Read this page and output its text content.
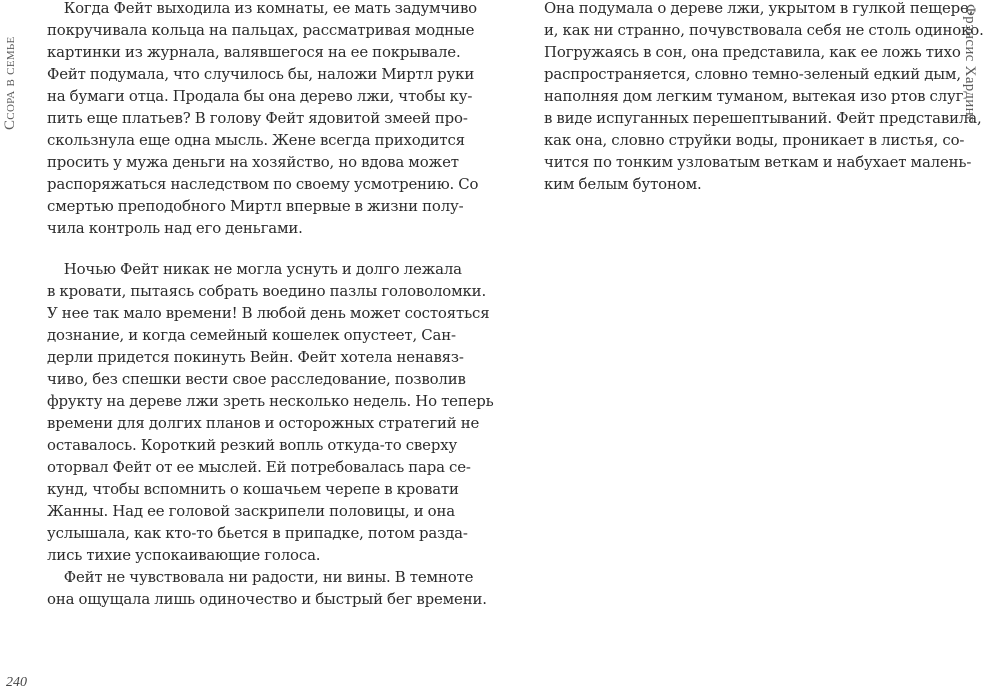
Ссора в семье
Когда Фейт выходила из комнаты, ее мать задумчиво
покручивала кольца на пальцах, рассматривая модные
картинки из журнала, валявшегося на ее покрывале.
Фейт подумала, что случилось бы, наложи Миртл руки
на бумаги отца. Продала бы она дерево лжи, чтобы ку-
пить еще платьев? В голову Фейт ядовитой змеей про-
скользнула еще одна мысль. Жене всегда приходится
просить у мужа деньги на хозяйство, но вдова может
распоряжаться наследством по своему усмотрению. Со
смертью преподобного Миртл впервые в жизни полу-
чила контроль над его деньгами.
Ночью Фейт никак не могла уснуть и долго лежала
в кровати, пытаясь собрать воедино пазлы головоломки.
У нее так мало времени! В любой день может состояться
дознание, и когда семейный кошелек опустеет, Сан-
дерли придется покинуть Вейн. Фейт хотела ненавяз-
чиво, без спешки вести свое расследование, позволив
фрукту на дереве лжи зреть несколько недель. Но теперь
времени для долгих планов и осторожных стратегий не
оставалось. Короткий резкий вопль откуда-то сверху
оторвал Фейт от ее мыслей. Ей потребовалась пара се-
кунд, чтобы вспомнить о кошачьем черепе в кровати
Жанны. Над ее головой заскрипели половицы, и она
услышала, как кто-то бьется в припадке, потом разда-
лись тихие успокаивающие голоса.
Фейт не чувствовала ни радости, ни вины. В темноте
она ощущала лишь одиночество и быстрый бег времени.
240
Она подумала о дереве лжи, укрытом в гулкой пещере,
и, как ни странно, почувствовала себя не столь одиноко.
Погружаясь в сон, она представила, как ее ложь тихо
распространяется, словно темно-зеленый едкий дым,
наполняя дом легким туманом, вытекая изо ртов слуг
в виде испуганных перешептываний. Фейт представила,
как она, словно струйки воды, проникает в листья, со-
чится по тонким узловатым веткам и набухает малень-
ким белым бутоном.
Фрэнсис Хардинг
